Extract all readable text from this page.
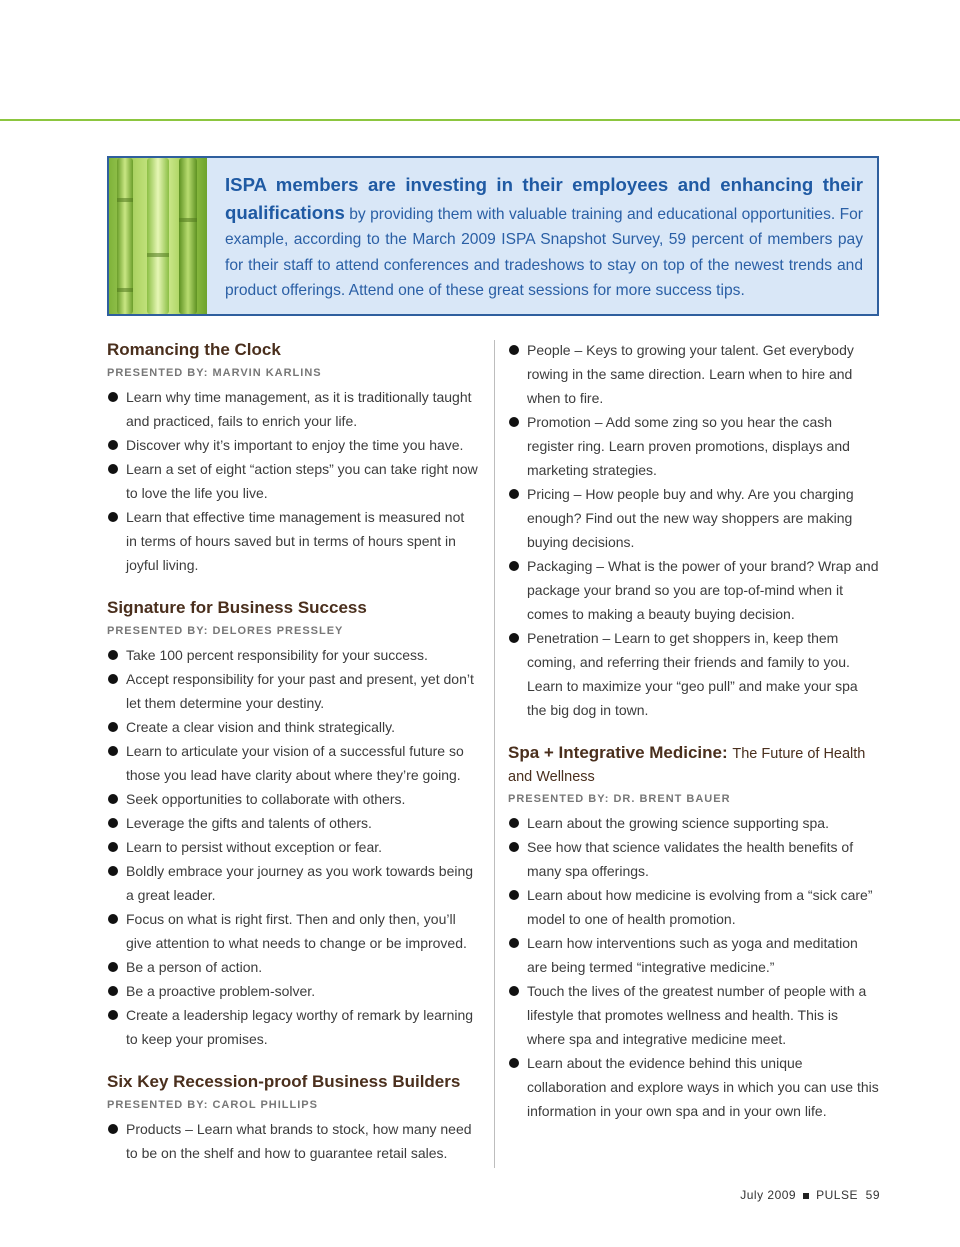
ISPA members are investing in their employees and enhancing their qualifications by providing them with valuable training and educational opportunities. For example, according to the March 2009 ISPA Snapshot Survey, 59 percent of members pay for their staff to attend conferences and tradeshows to stay on top of the newest trends and product offerings. Attend one of these great sessions for more success tips.
Romancing the Clock
PRESENTED BY: MARVIN KARLINS
Learn why time management, as it is traditionally taught and practiced, fails to enrich your life.
Discover why it’s important to enjoy the time you have.
Learn a set of eight “action steps” you can take right now to love the life you live.
Learn that effective time management is measured not in terms of hours saved but in terms of hours spent in joyful living.
Signature for Business Success
PRESENTED BY: DELORES PRESSLEY
Take 100 percent responsibility for your success.
Accept responsibility for your past and present, yet don’t let them determine your destiny.
Create a clear vision and think strategically.
Learn to articulate your vision of a successful future so those you lead have clarity about where they’re going.
Seek opportunities to collaborate with others.
Leverage the gifts and talents of others.
Learn to persist without exception or fear.
Boldly embrace your journey as you work towards being a great leader.
Focus on what is right first. Then and only then, you’ll give attention to what needs to change or be improved.
Be a person of action.
Be a proactive problem-solver.
Create a leadership legacy worthy of remark by learning to keep your promises.
Six Key Recession-proof Business Builders
PRESENTED BY: CAROL PHILLIPS
Products – Learn what brands to stock, how many need to be on the shelf and how to guarantee retail sales.
People – Keys to growing your talent. Get everybody rowing in the same direction. Learn when to hire and when to fire.
Promotion – Add some zing so you hear the cash register ring. Learn proven promotions, displays and marketing strategies.
Pricing – How people buy and why. Are you charging enough? Find out the new way shoppers are making buying decisions.
Packaging – What is the power of your brand? Wrap and package your brand so you are top-of-mind when it comes to making a beauty buying decision.
Penetration – Learn to get shoppers in, keep them coming, and referring their friends and family to you. Learn to maximize your “geo pull” and make your spa the big dog in town.
Spa + Integrative Medicine: The Future of Health
and Wellness
PRESENTED BY: DR. BRENT BAUER
Learn about the growing science supporting spa.
See how that science validates the health benefits of many spa offerings.
Learn about how medicine is evolving from a “sick care” model to one of health promotion.
Learn how interventions such as yoga and meditation are being termed “integrative medicine.”
Touch the lives of the greatest number of people with a lifestyle that promotes wellness and health. This is where spa and integrative medicine meet.
Learn about the evidence behind this unique collaboration and explore ways in which you can use this information in your own spa and in your own life.
July 2009 PULSE 59
